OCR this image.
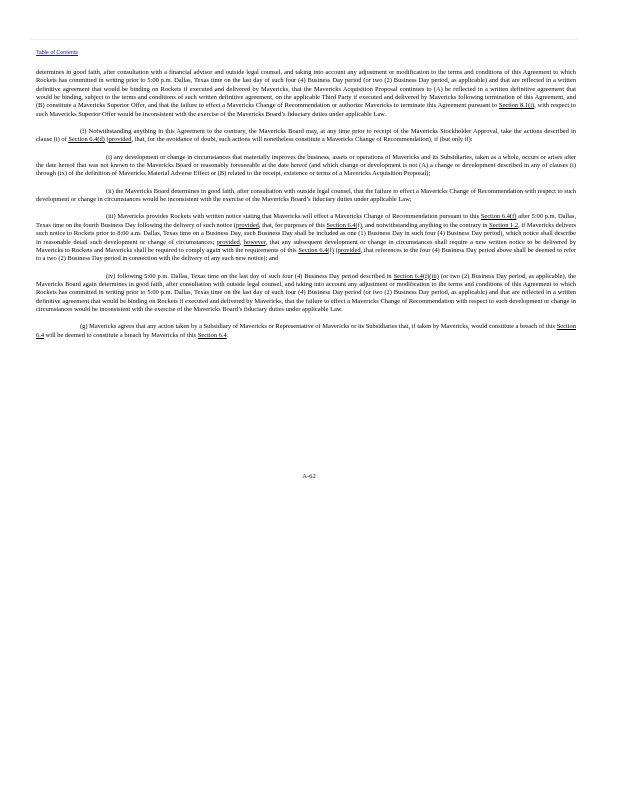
Table of Contents

determines in good faith, after consultation with a financial advisor and outside legal counsel, and taking into account any adjustment or modification to the terms and conditions of this Agreement to which Rockets has committed in writing prior to 5:00 p.m. Dallas, Texas time on the last day of such four (4) Business Day period (or two (2) Business Day period, as applicable) and that are reflected in a written definitive agreement that would be binding on Rockets if executed and delivered by Mavericks, that the Mavericks Acquisition Proposal continues to (A) be reflected in a written definitive agreement that would be binding, subject to the terms and conditions of such written definitive agreement, on the applicable Third Party if executed and delivered by Mavericks following termination of this Agreement, and (B) constitute a Mavericks Superior Offer, and that the failure to effect a Mavericks Change of Recommendation or authorize Mavericks to terminate this Agreement pursuant to Section 8.1(i), with respect to such Mavericks Superior Offer would be inconsistent with the exercise of the Mavericks Board’s fiduciary duties under applicable Law.

(f) Notwithstanding anything in this Agreement to the contrary, the Mavericks Board may, at any time prior to receipt of the Mavericks Stockholder Approval, take the actions described in clause (i) of Section 6.4(d) (provided, that, for the avoidance of doubt, such actions will nonetheless constitute a Mavericks Change of Recommendation), if (but only if):

(i) any development or change in circumstances that materially improves the business, assets or operations of Mavericks and its Subsidiaries, taken as a whole, occurs or arises after the date hereof that was not known to the Mavericks Board or reasonably foreseeable at the date hereof (and which change or development is not (A) a change or development described in any of clauses (i) through (ix) of the definition of Mavericks Material Adverse Effect or (B) related to the receipt, existence or terms of a Mavericks Acquisition Proposal);

(ii) the Mavericks Board determines in good faith, after consultation with outside legal counsel, that the failure to effect a Mavericks Change of Recommendation with respect to such development or change in circumstances would be inconsistent with the exercise of the Mavericks Board’s fiduciary duties under applicable Law;

(iii) Mavericks provides Rockets with written notice stating that Mavericks will effect a Mavericks Change of Recommendation pursuant to this Section 6.4(f) after 5:00 p.m. Dallas, Texas time on the fourth Business Day following the delivery of such notice (provided, that, for purposes of this Section 6.4(f), and notwithstanding anything to the contrary in Section 1.2, if Mavericks delivers such notice to Rockets prior to 8:00 a.m. Dallas, Texas time on a Business Day, such Business Day shall be included as one (1) Business Day in such four (4) Business Day period), which notice shall describe in reasonable detail such development or change of circumstances; provided, however, that any subsequent development or change in circumstances shall require a new written notice to be delivered by Mavericks to Rockets and Mavericks shall be required to comply again with the requirements of this Section 6.4(f) (provided, that references to the four (4) Business Day period above shall be deemed to refer to a two (2) Business Day period in connection with the delivery of any such new notice); and

(iv) following 5:00 p.m. Dallas, Texas time on the last day of such four (4) Business Day period described in Section 6.4(f)(iii) (or two (2) Business Day period, as applicable), the Mavericks Board again determines in good faith, after consultation with outside legal counsel, and taking into account any adjustment or modification to the terms and conditions of this Agreement to which Rockets has committed in writing prior to 5:00 p.m. Dallas, Texas time on the last day of such four (4) Business Day period (or two (2) Business Day period, as applicable) and that are reflected in a written definitive agreement that would be binding on Rockets if executed and delivered by Mavericks, that the failure to effect a Mavericks Change of Recommendation with respect to such development or change in circumstances would be inconsistent with the exercise of the Mavericks Board’s fiduciary duties under applicable Law.

(g) Mavericks agrees that any action taken by a Subsidiary of Mavericks or Representative of Mavericks or its Subsidiaries that, if taken by Mavericks, would constitute a breach of this Section 6.4 will be deemed to constitute a breach by Mavericks of this Section 6.4.

A-62
